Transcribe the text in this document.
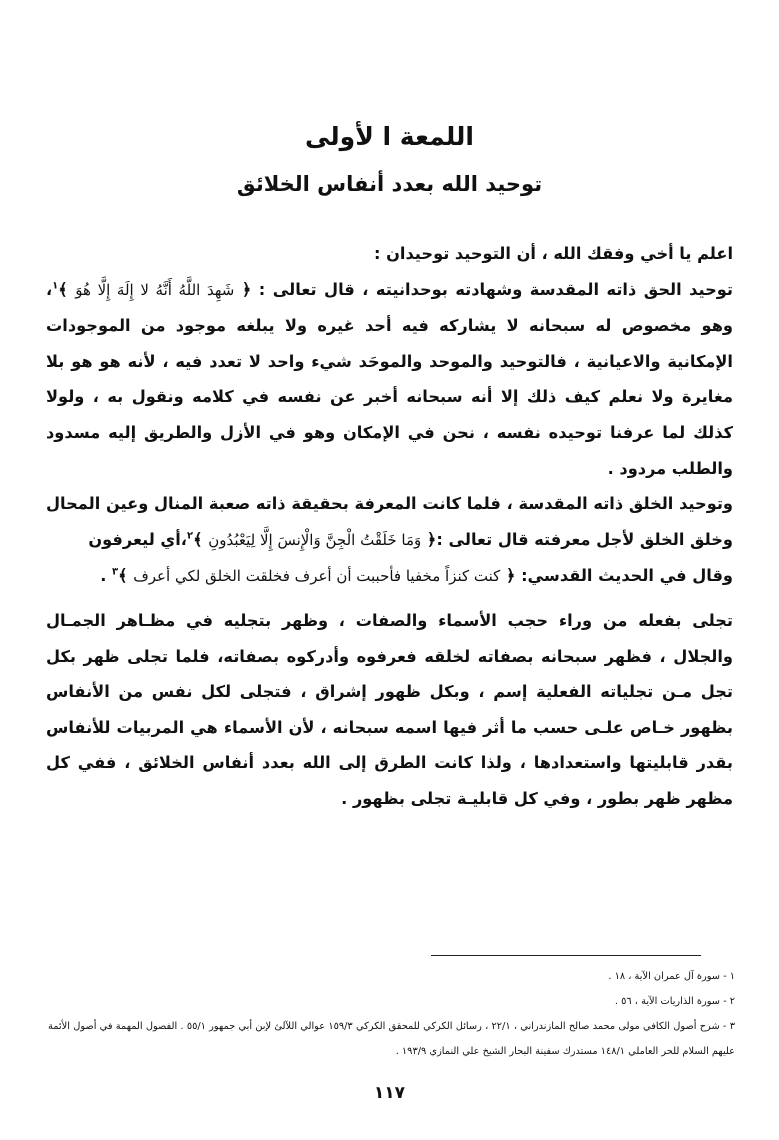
اللمعة ا لأولى
توحيد الله بعدد أنفاس الخلائق

اعلم يا أخي وفقك الله ، أن التوحيد توحيدان :

توحيد الحق ذاته المقدسة وشهادته بوحدانيته ، قال تعالى : ﴿ شَهِدَ اللَّهُ أَنَّهُ لا إِلَهَ إِلَّا هُوَ ﴾$^١$، وهو مخصوص له سبحانه لا يشاركه فيه أحد غيره ولا يبلغه موجود من الموجودات الإمكانية والاعيانية ، فالتوحيد والموحد والموحَد شيء واحد لا تعدد فيه ، لأنه هو هو بلا مغايرة ولا نعلم كيف ذلك إلا أنه سبحانه أخبر عن نفسه في كلامه ونقول به ، ولولا كذلك لما عرفنا توحيده نفسه ، نحن في الإمكان وهو في الأزل والطريق إليه مسدود والطلب مردود .

وتوحيد الخلق ذاته المقدسة ، فلما كانت المعرفة بحقيقة ذاته صعبة المنال وعين المحال وخلق الخلق لأجل معرفته قال تعالى :﴿ وَمَا خَلَقْتُ الْجِنَّ وَالْإِنسَ إِلَّا لِيَعْبُدُونِ ﴾$^٢$،أي ليعرفون

وقال في الحديث القدسي: ﴿ كنت كنزاً مخفيا فأحببت أن أعرف فخلقت الخلق لكي أعرف ﴾$^٣$ .

تجلى بفعله من وراء حجب الأسماء والصفات ، وظهر بتجليه في مظـاهر الجمـال والجلال ، فظهر سبحانه بصفاته لخلقه فعرفوه وأدركوه بصفاته، فلما تجلى ظهر بكل تجل مـن تجلياته الفعلية إسم ، وبكل ظهور إشراق ، فتجلى لكل نفس من الأنفاس بظهور خـاص علـى حسب ما أثر فيها اسمه سبحانه ، لأن الأسماء هي المربيات للأنفاس بقدر قابليتها واستعدادها ، ولذا كانت الطرق إلى الله بعدد أنفاس الخلائق ، ففي كل مظهر ظهر بطور ، وفي كل قابليـة تجلى بظهور .

١ - سورة آل عمران الآية ، ١٨ .

٢ - سورة الذاريات الآية ، ٥٦ .

٣ - شرح أصول الكافي مولى محمد صالح المازندراني ، ٢٢/١ ، رسائل الكركي للمحقق الكركي ١٥٩/٣ عوالي اللآلئ لإبن أبي جمهور ٥٥/١ . الفصول المهمة في أصول الأئمة عليهم السلام للحر العاملي ١٤٨/١ مستدرك سفينة البحار الشيخ علي النمازي ١٩٣/٩ .

١١٧
